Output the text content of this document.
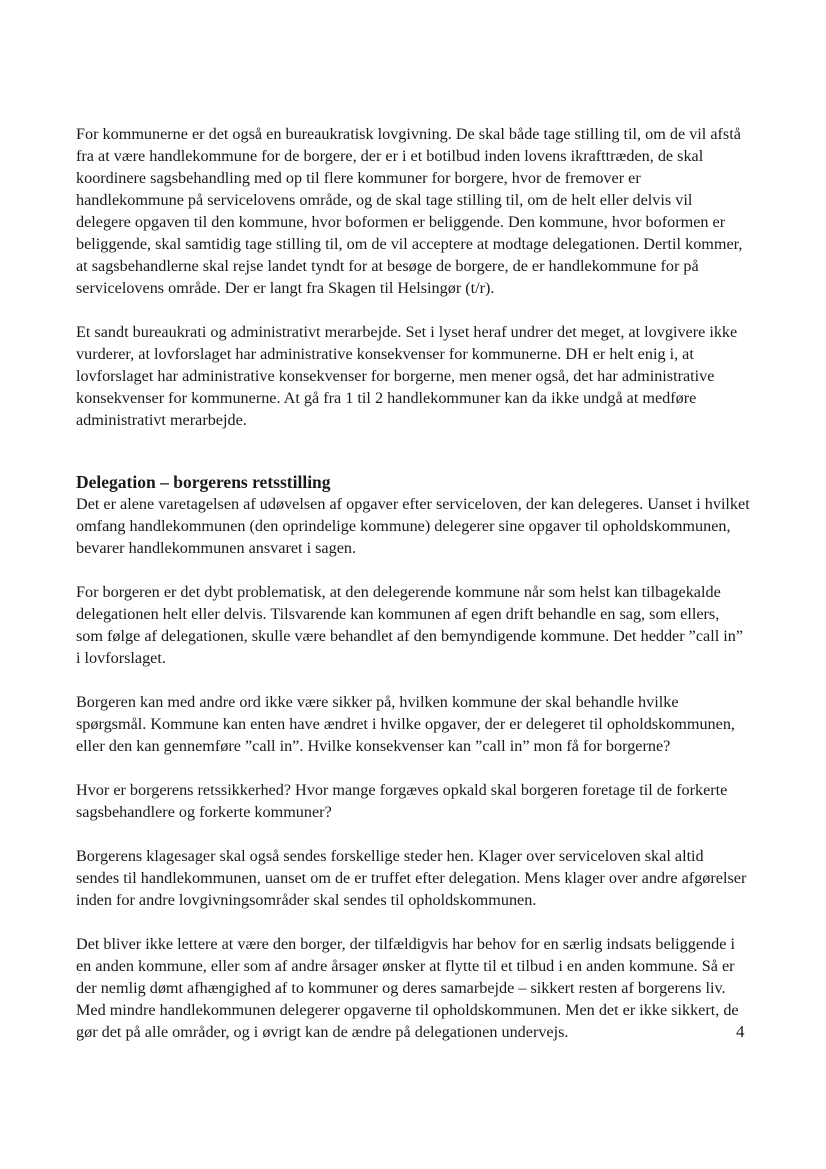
For kommunerne er det også en bureaukratisk lovgivning. De skal både tage stilling til, om de vil afstå fra at være handlekommune for de borgere, der er i et botilbud inden lovens ikrafttræden, de skal koordinere sagsbehandling med op til flere kommuner for borgere, hvor de fremover er handlekommune på servicelovens område, og de skal tage stilling til, om de helt eller delvis vil delegere opgaven til den kommune, hvor boformen er beliggende. Den kommune, hvor boformen er beliggende, skal samtidig tage stilling til, om de vil acceptere at modtage delegationen. Dertil kommer, at sagsbehandlerne skal rejse landet tyndt for at besøge de borgere, de er handlekommune for på servicelovens område. Der er langt fra Skagen til Helsingør (t/r).

Et sandt bureaukrati og administrativt merarbejde. Set i lyset heraf undrer det meget, at lovgivere ikke vurderer, at lovforslaget har administrative konsekvenser for kommunerne. DH er helt enig i, at lovforslaget har administrative konsekvenser for borgerne, men mener også, det har administrative konsekvenser for kommunerne. At gå fra 1 til 2 handlekommuner kan da ikke undgå at medføre administrativt merarbejde.

Delegation – borgerens retsstilling

Det er alene varetagelsen af udøvelsen af opgaver efter serviceloven, der kan delegeres. Uanset i hvilket omfang handlekommunen (den oprindelige kommune) delegerer sine opgaver til opholdskommunen, bevarer handlekommunen ansvaret i sagen.

For borgeren er det dybt problematisk, at den delegerende kommune når som helst kan tilbagekalde delegationen helt eller delvis. Tilsvarende kan kommunen af egen drift behandle en sag, som ellers, som følge af delegationen, skulle være behandlet af den bemyndigende kommune. Det hedder ”call in” i lovforslaget.

Borgeren kan med andre ord ikke være sikker på, hvilken kommune der skal behandle hvilke spørgsmål. Kommune kan enten have ændret i hvilke opgaver, der er delegeret til opholdskommunen, eller den kan gennemføre ”call in”. Hvilke konsekvenser kan ”call in” mon få for borgerne?

Hvor er borgerens retssikkerhed? Hvor mange forgæves opkald skal borgeren foretage til de forkerte sagsbehandlere og forkerte kommuner?

Borgerens klagesager skal også sendes forskellige steder hen. Klager over serviceloven skal altid sendes til handlekommunen, uanset om de er truffet efter delegation. Mens klager over andre afgørelser inden for andre lovgivningsområder skal sendes til opholdskommunen.

Det bliver ikke lettere at være den borger, der tilfældigvis har behov for en særlig indsats beliggende i en anden kommune, eller som af andre årsager ønsker at flytte til et tilbud i en anden kommune. Så er der nemlig dømt afhængighed af to kommuner og deres samarbejde – sikkert resten af borgerens liv. Med mindre handlekommunen delegerer opgaverne til opholdskommunen. Men det er ikke sikkert, de gør det på alle områder, og i øvrigt kan de ændre på delegationen undervejs.	4
